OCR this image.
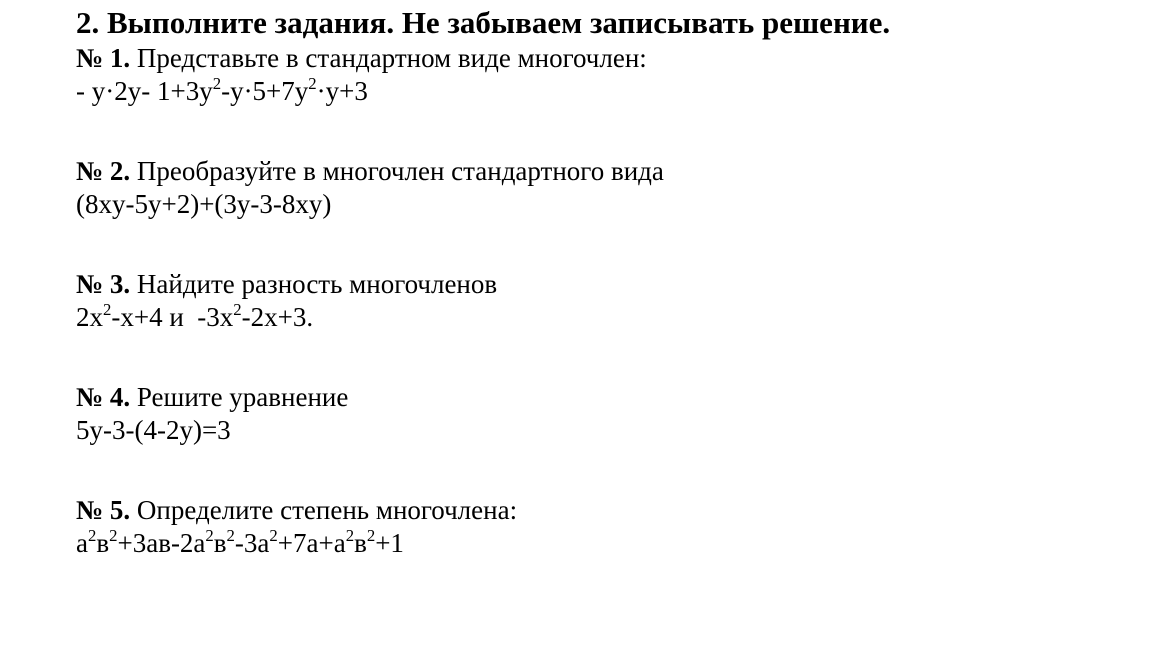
2. Выполните задания. Не забываем записывать решение.
№ 1. Представьте в стандартном виде многочлен:
- y·2y- $1+3y^2-y\cdot 5+7y^2\cdot y+3$
№ 2. Преобразуйте в многочлен стандартного вида
(8xy-5y+2)+(3y-3-8xy)
№ 3. Найдите разность многочленов
$2x^2-x+4$ и  $-3x^2-2x+3$.
№ 4. Решите уравнение
5y-3-(4-2y)=3
№ 5. Определите степень многочлена:
$a^2в^2+3ав-2a^2в^2-3a^2+7a+a^2в^2+1$
